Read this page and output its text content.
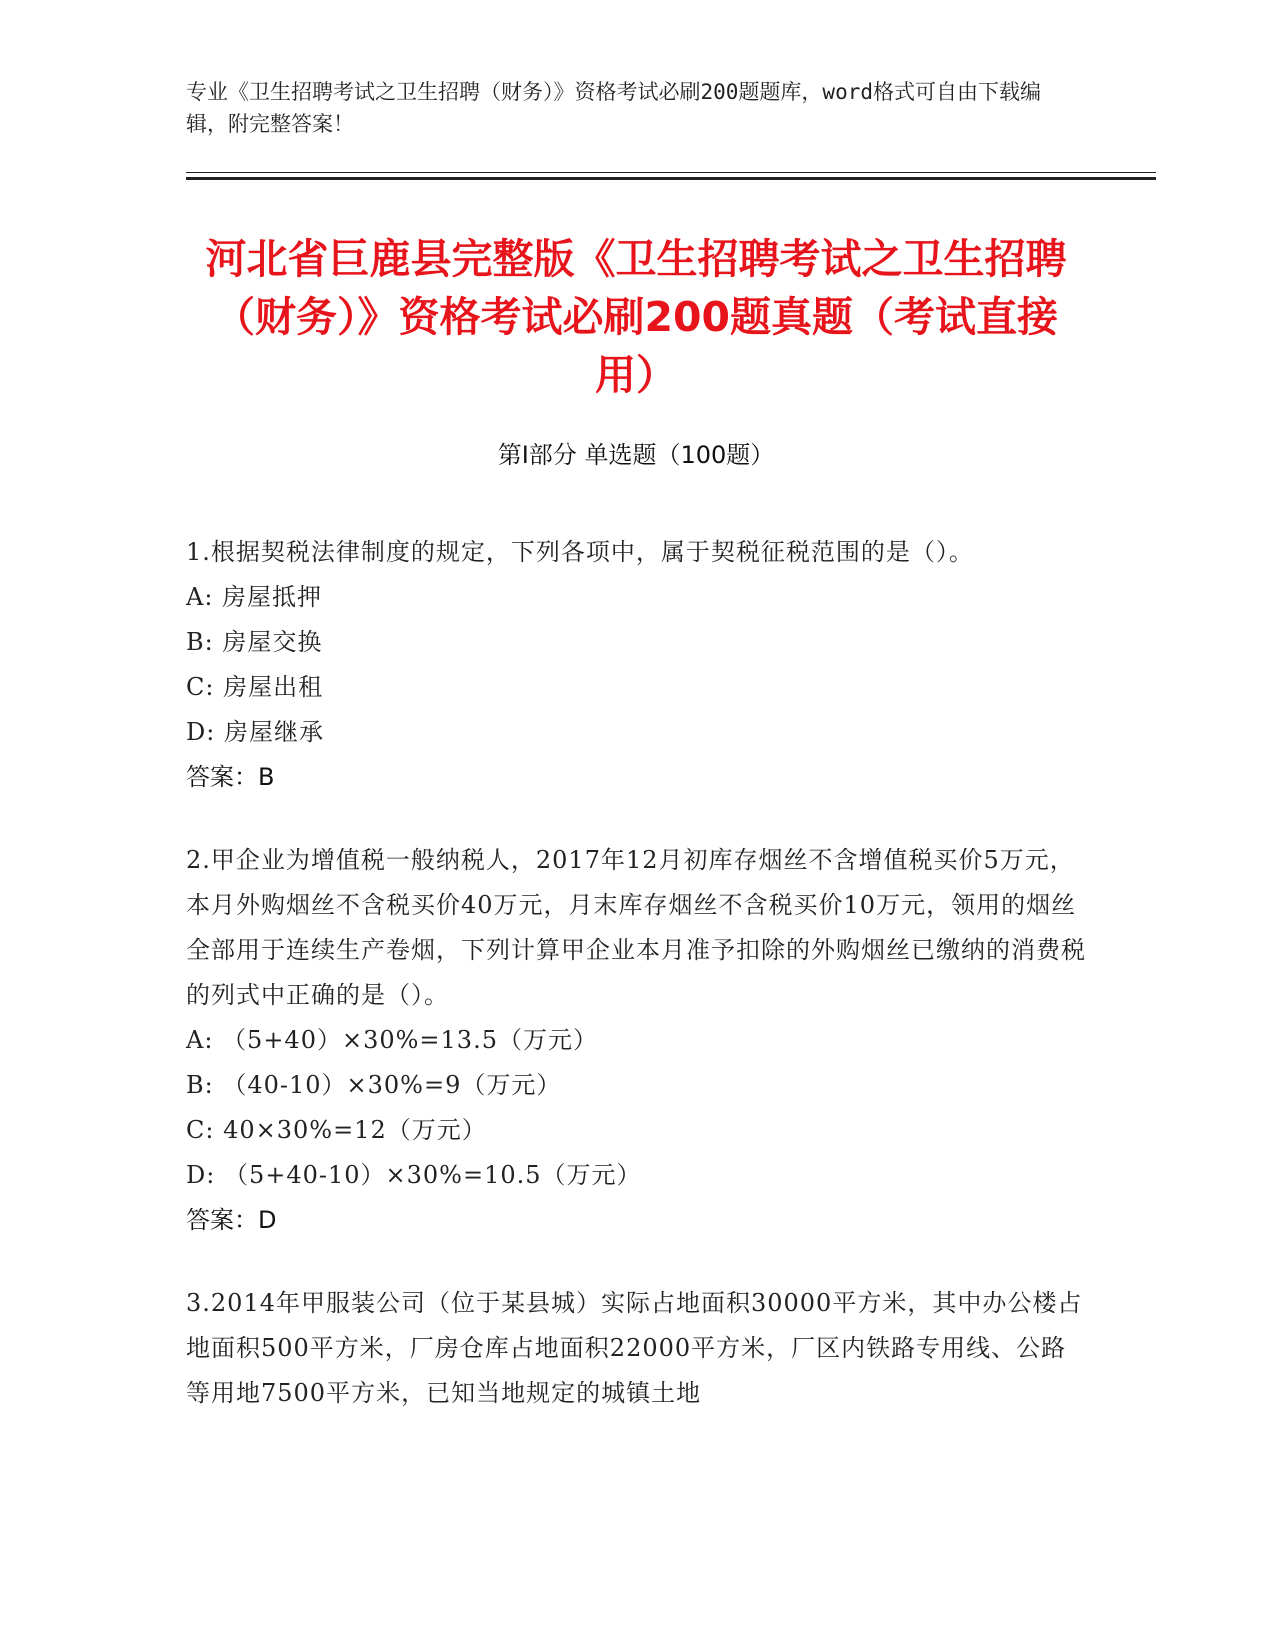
专业《卫生招聘考试之卫生招聘（财务）》资格考试必刷200题题库，word格式可自由下载编辑，附完整答案！
河北省巨鹿县完整版《卫生招聘考试之卫生招聘（财务）》资格考试必刷200题真题（考试直接用）
第Ⅰ部分 单选题（100题）
1.根据契税法律制度的规定，下列各项中，属于契税征税范围的是（）。
A: 房屋抵押
B: 房屋交换
C: 房屋出租
D: 房屋继承
答案：B
2.甲企业为增值税一般纳税人，2017年12月初库存烟丝不含增值税买价5万元，本月外购烟丝不含税买价40万元，月末库存烟丝不含税买价10万元，领用的烟丝全部用于连续生产卷烟，下列计算甲企业本月准予扣除的外购烟丝已缴纳的消费税的列式中正确的是（）。
A: （5+40）×30%=13.5（万元）
B: （40-10）×30%=9（万元）
C: 40×30%=12（万元）
D: （5+40-10）×30%=10.5（万元）
答案：D
3.2014年甲服装公司（位于某县城）实际占地面积30000平方米，其中办公楼占地面积500平方米，厂房仓库占地面积22000平方米，厂区内铁路专用线、公路等用地7500平方米，已知当地规定的城镇土地
